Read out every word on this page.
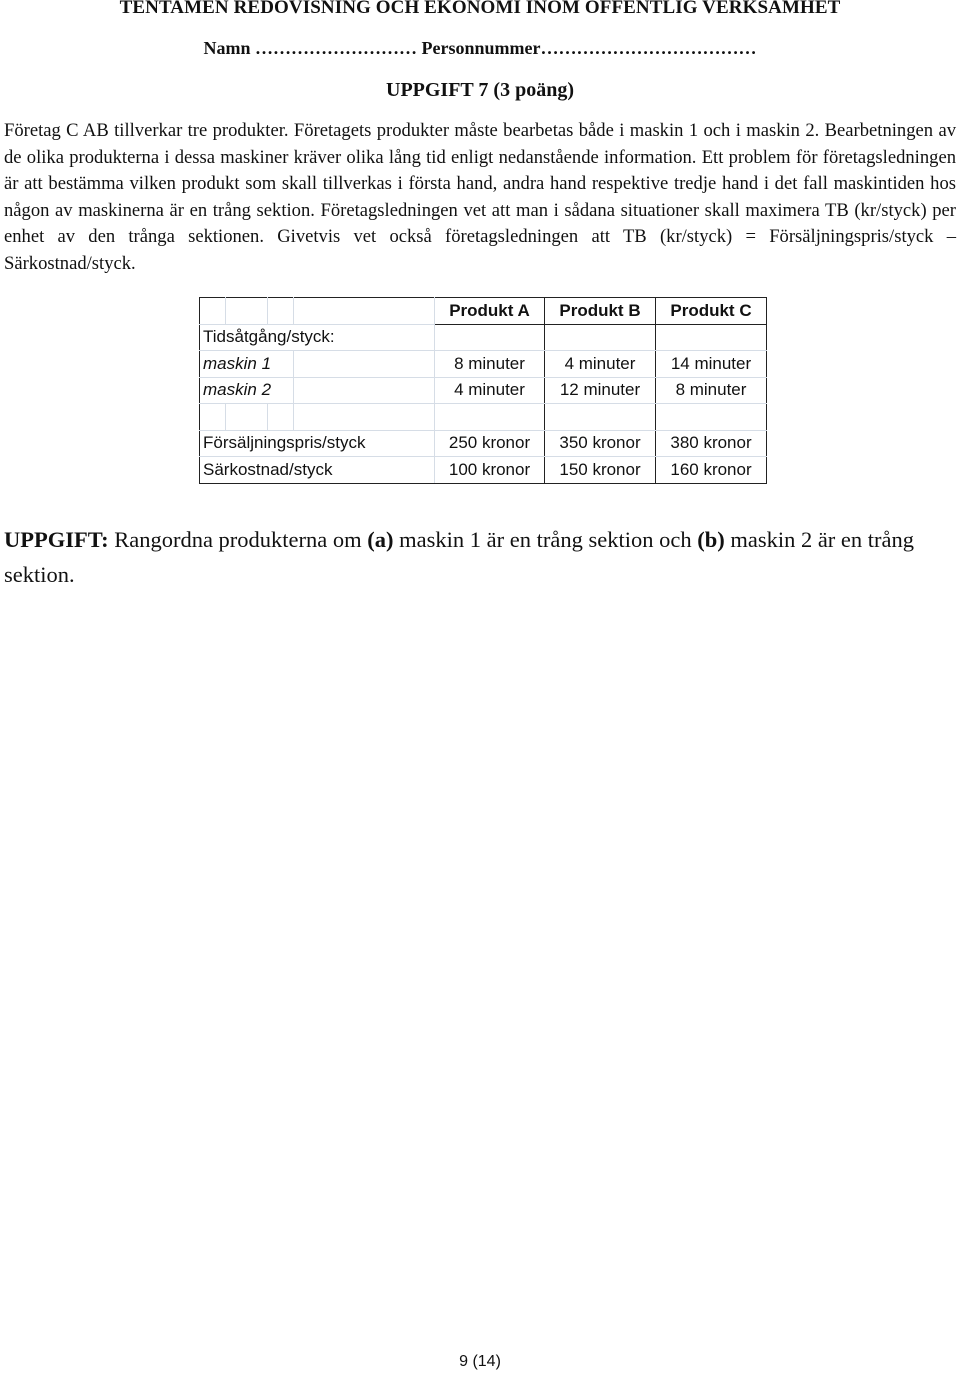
TENTAMEN REDOVISNING OCH EKONOMI INOM OFFENTLIG VERKSAMHET
Namn ……………………… Personnummer………………………………
UPPGIFT 7 (3 poäng)

Företag C AB tillverkar tre produkter. Företagets produkter måste bearbetas både i maskin 1 och i maskin 2. Bearbetningen av de olika produkterna i dessa maskiner kräver olika lång tid enligt nedanstående information. Ett problem för företagsledningen är att bestämma vilken produkt som skall tillverkas i första hand, andra hand respektive tredje hand i det fall maskintiden hos någon av maskinerna är en trång sektion. Företagsledningen vet att man i sådana situationer skall maximera TB (kr/styck) per enhet av den trånga sektionen. Givetvis vet också företagsledningen att TB (kr/styck) = Försäljningspris/styck – Särkostnad/styck.

				Produkt A	Produkt B	Produkt C
Tidsåtgång/styck:						
maskin 1				8 minuter	4 minuter	14 minuter
maskin 2				4 minuter	12 minuter	8 minuter

Försäljningspris/styck				250 kronor	350 kronor	380 kronor
Särkostnad/styck				100 kronor	150 kronor	160 kronor

UPPGIFT: Rangordna produkterna om (a) maskin 1 är en trång sektion och (b) maskin 2 är en trång sektion.

9 (14)
